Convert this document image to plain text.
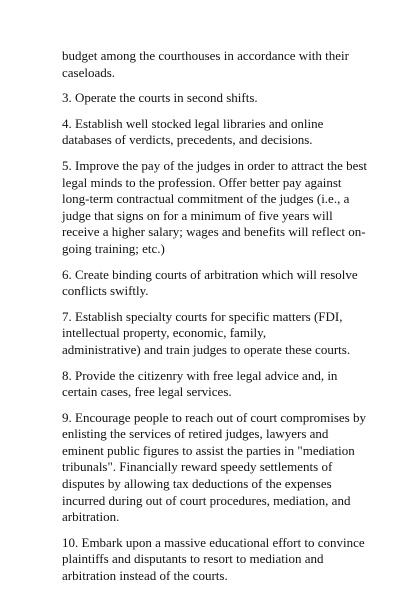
budget among the courthouses in accordance with their
caseloads.

3. Operate the courts in second shifts.

4. Establish well stocked legal libraries and online
databases of verdicts, precedents, and decisions.

5. Improve the pay of the judges in order to attract the best
legal minds to the profession. Offer better pay against
long-term contractual commitment of the judges (i.e., a
judge that signs on for a minimum of five years will
receive a higher salary; wages and benefits will reflect on-
going training; etc.)

6. Create binding courts of arbitration which will resolve
conflicts swiftly.

7. Establish specialty courts for specific matters (FDI,
intellectual property, economic, family,
administrative) and train judges to operate these courts.

8. Provide the citizenry with free legal advice and, in
certain cases, free legal services.

9. Encourage people to reach out of court compromises by
enlisting the services of retired judges, lawyers and
eminent public figures to assist the parties in "mediation
tribunals". Financially reward speedy settlements of
disputes by allowing tax deductions of the expenses
incurred during out of court procedures, mediation, and
arbitration.

10. Embark upon a massive educational effort to convince
plaintiffs and disputants to resort to mediation and
arbitration instead of the courts.
